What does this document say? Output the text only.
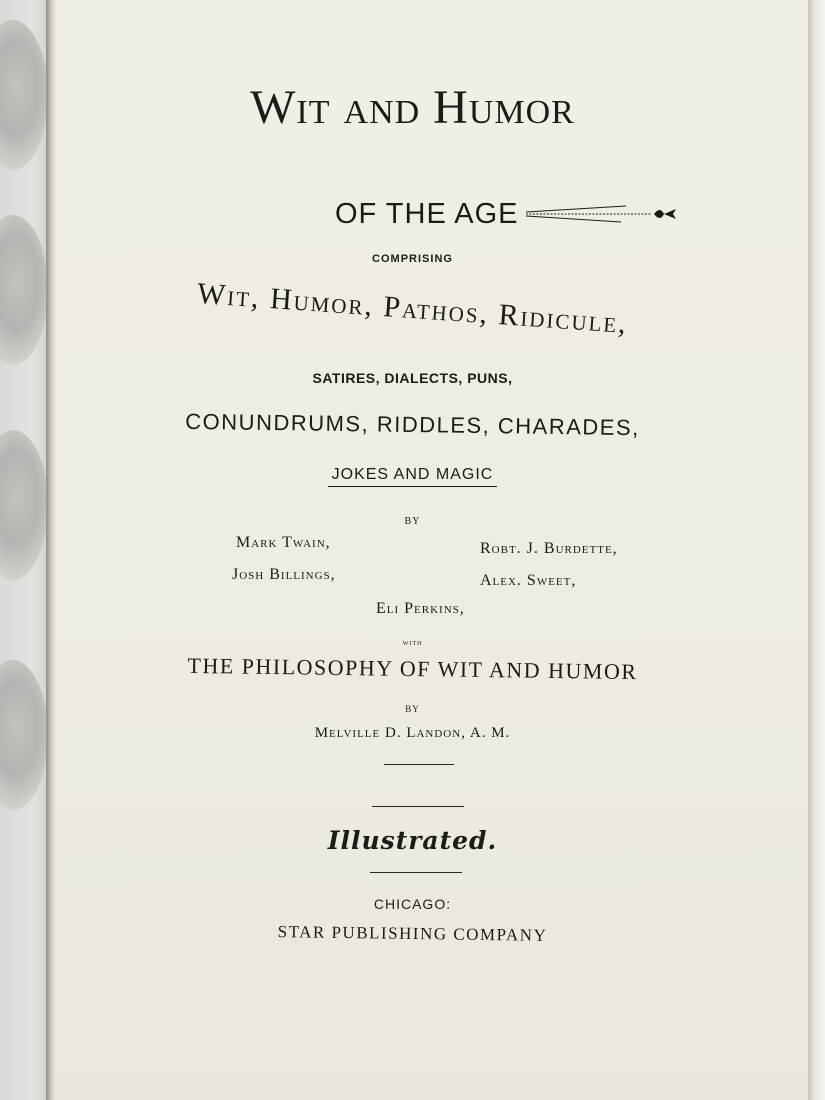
Wit and Humor
OF THE AGE
COMPRISING
Wit, Humor, Pathos, Ridicule,
SATIRES, DIALECTS, PUNS,
CONUNDRUMS, RIDDLES, CHARADES,
JOKES AND MAGIC
BY
Mark Twain,
Josh Billings,
Robt. J. Burdette,
Alex. Sweet,
Eli Perkins,
with
THE PHILOSOPHY OF WIT AND HUMOR
BY
Melville D. Landon, A. M.
Illustrated.
CHICAGO:
STAR PUBLISHING COMPANY
